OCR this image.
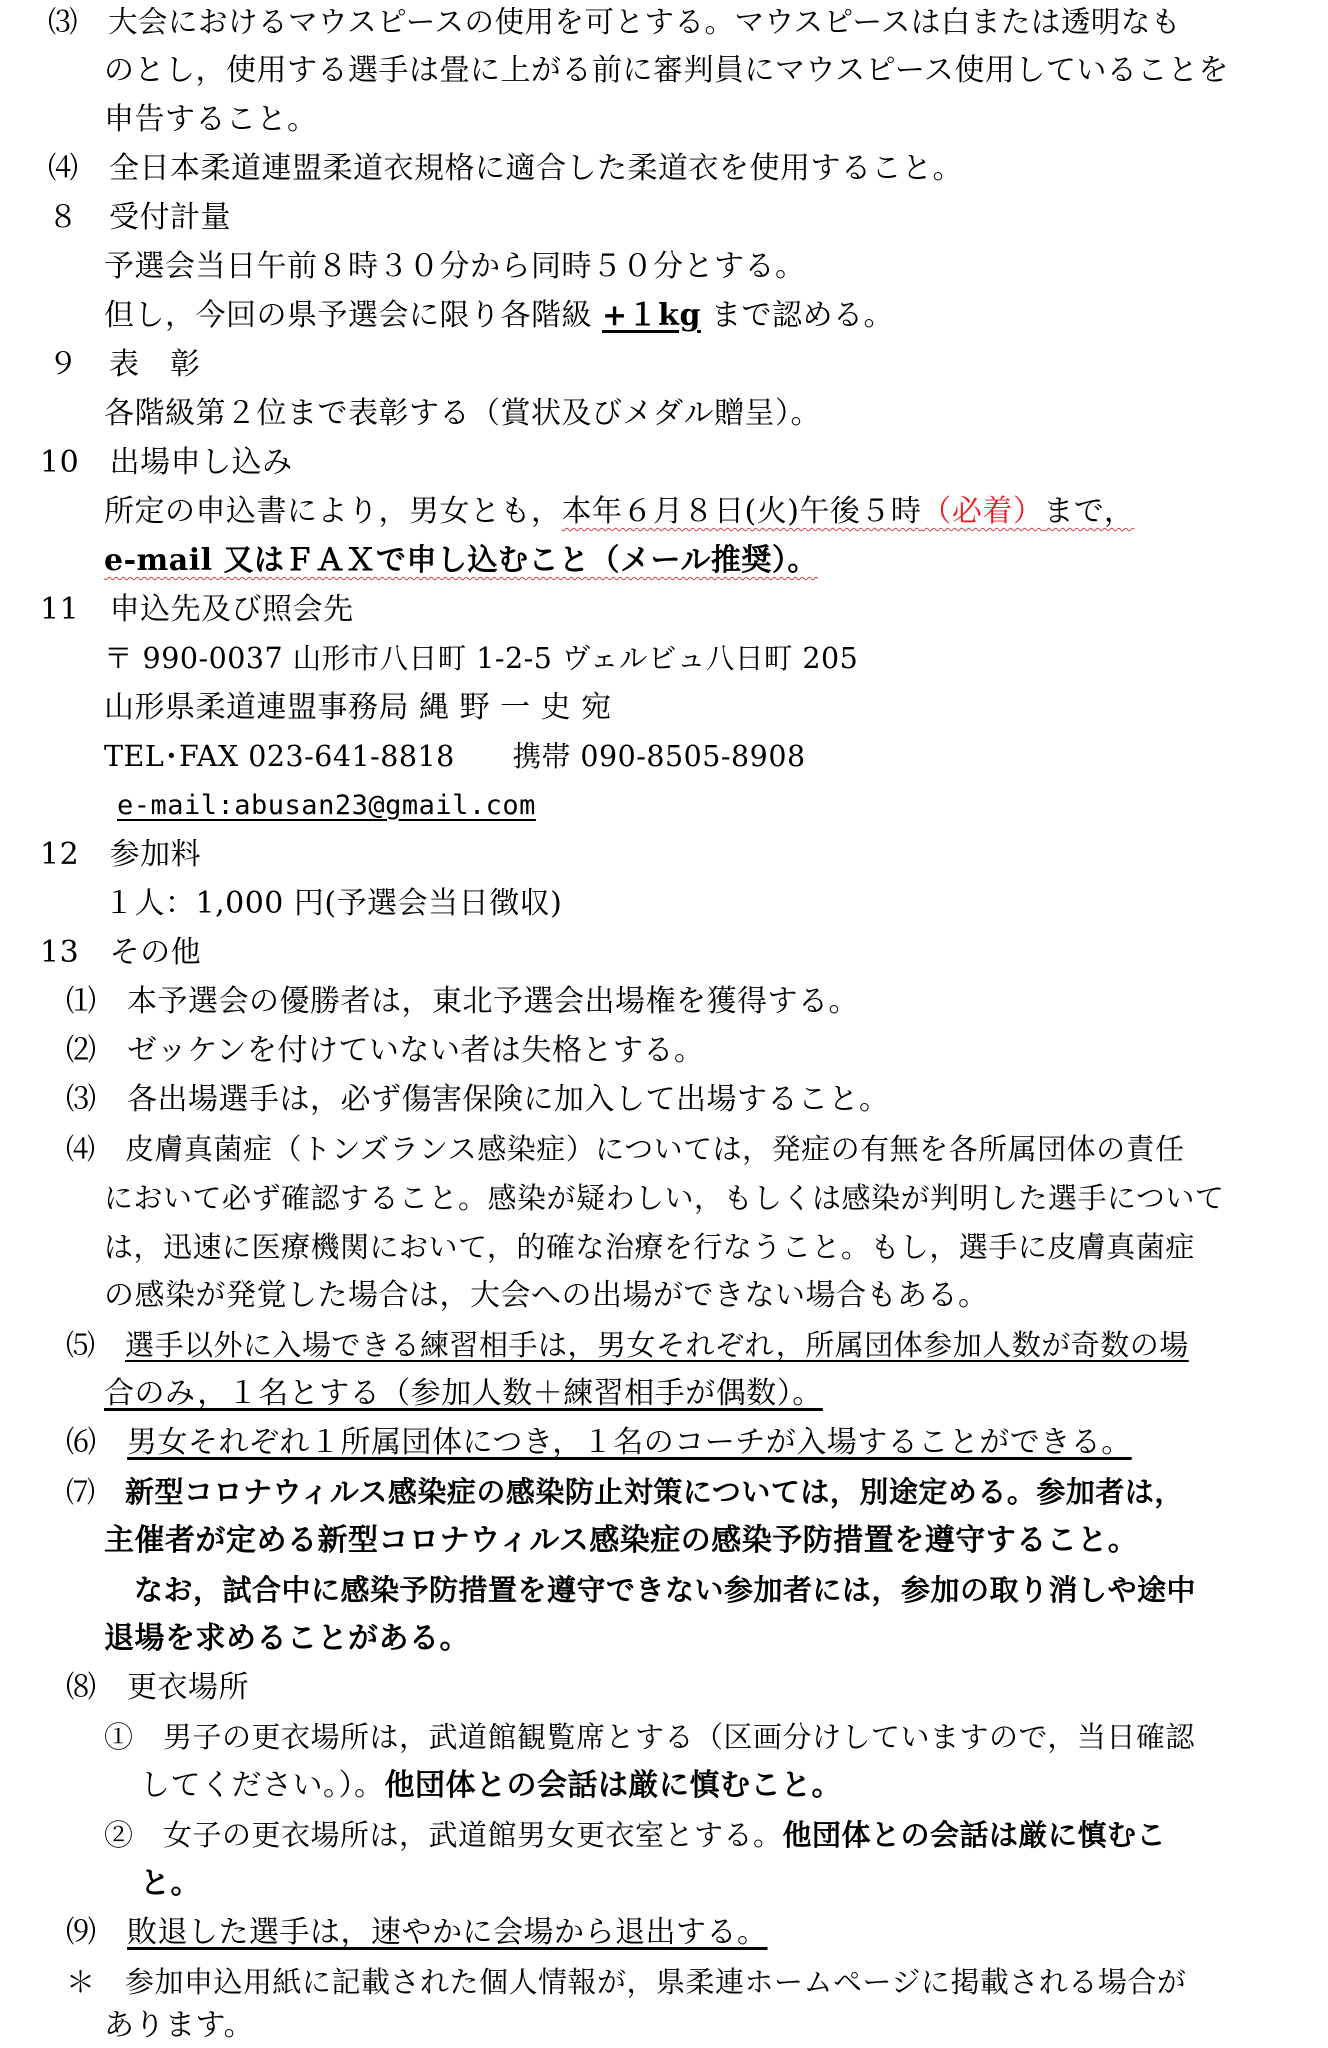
⑶　大会におけるマウスピースの使用を可とする。マウスピースは白または透明なも
のとし，使用する選手は畳に上がる前に審判員にマウスピース使用していることを
申告すること。
⑷　全日本柔道連盟柔道衣規格に適合した柔道衣を使用すること。
８　受付計量
予選会当日午前８時３０分から同時５０分とする。
但し，今回の県予選会に限り各階級 +１kg まで認める。
９　表　彰
各階級第２位まで表彰する（賞状及びメダル贈呈）。
10　出場申し込み
所定の申込書により，男女とも，本年６月８日(火)午後５時（必着）まで，
e-mail 又はＦＡＸで申し込むこと（メール推奨）。
11　申込先及び照会先
〒 990-0037 山形市八日町 1-2-5 ヴェルビュ八日町 205
山形県柔道連盟事務局 縄 野 一 史 宛
TEL･FAX 023-641-8818　　携帯 090-8505-8908
e-mail:abusan23@gmail.com
12　参加料
１人：1,000 円(予選会当日徴収)
13　その他
⑴　本予選会の優勝者は，東北予選会出場権を獲得する。
⑵　ゼッケンを付けていない者は失格とする。
⑶　各出場選手は，必ず傷害保険に加入して出場すること。
⑷　皮膚真菌症（トンズランス感染症）については，発症の有無を各所属団体の責任
において必ず確認すること。感染が疑わしい，もしくは感染が判明した選手について
は，迅速に医療機関において，的確な治療を行なうこと。もし，選手に皮膚真菌症
の感染が発覚した場合は，大会への出場ができない場合もある。
⑸　選手以外に入場できる練習相手は，男女それぞれ，所属団体参加人数が奇数の場
合のみ，１名とする（参加人数＋練習相手が偶数）。
⑹　男女それぞれ１所属団体につき，１名のコーチが入場することができる。
⑺　新型コロナウィルス感染症の感染防止対策については，別途定める。参加者は，
主催者が定める新型コロナウィルス感染症の感染予防措置を遵守すること。
なお，試合中に感染予防措置を遵守できない参加者には，参加の取り消しや途中
退場を求めることがある。
⑻　更衣場所
①　男子の更衣場所は，武道館観覧席とする（区画分けしていますので，当日確認
してください。）。他団体との会話は厳に慎むこと。
②　女子の更衣場所は，武道館男女更衣室とする。他団体との会話は厳に慎むこ
と。
⑼　敗退した選手は，速やかに会場から退出する。
＊　参加申込用紙に記載された個人情報が，県柔連ホームページに掲載される場合が
あります。
